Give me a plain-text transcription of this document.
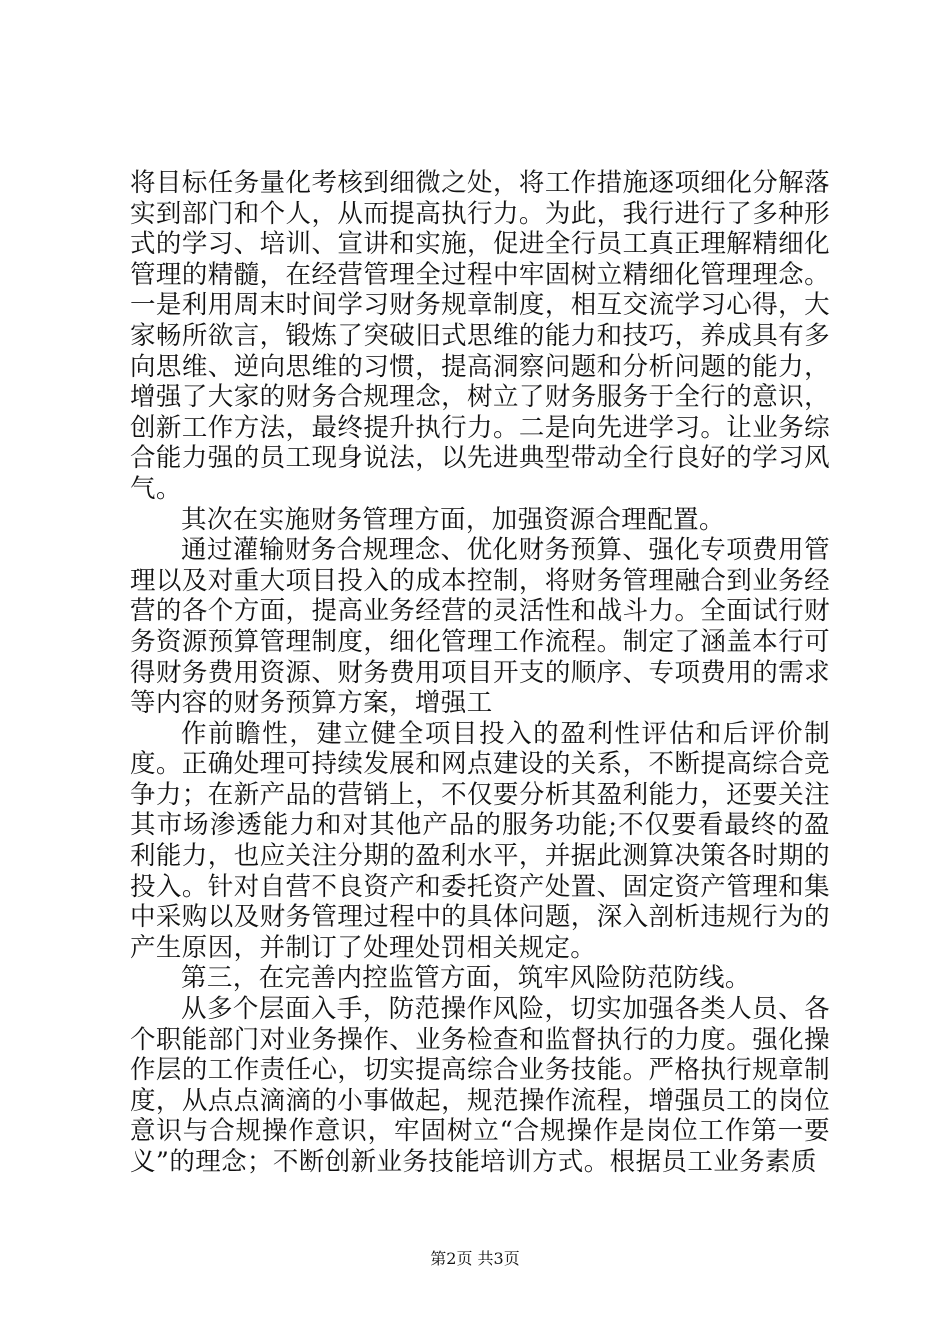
将目标任务量化考核到细微之处，将工作措施逐项细化分解落实到部门和个人，从而提高执行力。为此，我行进行了多种形式的学习、培训、宣讲和实施，促进全行员工真正理解精细化管理的精髓，在经营管理全过程中牢固树立精细化管理理念。一是利用周末时间学习财务规章制度，相互交流学习心得，大家畅所欲言，锻炼了突破旧式思维的能力和技巧，养成具有多向思维、逆向思维的习惯，提高洞察问题和分析问题的能力，增强了大家的财务合规理念，树立了财务服务于全行的意识，创新工作方法，最终提升执行力。二是向先进学习。让业务综合能力强的员工现身说法，以先进典型带动全行良好的学习风气。

其次在实施财务管理方面，加强资源合理配置。

通过灌输财务合规理念、优化财务预算、强化专项费用管理以及对重大项目投入的成本控制，将财务管理融合到业务经营的各个方面，提高业务经营的灵活性和战斗力。全面试行财务资源预算管理制度，细化管理工作流程。制定了涵盖本行可得财务费用资源、财务费用项目开支的顺序、专项费用的需求等内容的财务预算方案，增强工

作前瞻性，建立健全项目投入的盈利性评估和后评价制度。正确处理可持续发展和网点建设的关系，不断提高综合竞争力；在新产品的营销上，不仅要分析其盈利能力，还要关注其市场渗透能力和对其他产品的服务功能;不仅要看最终的盈利能力，也应关注分期的盈利水平，并据此测算决策各时期的投入。针对自营不良资产和委托资产处置、固定资产管理和集中采购以及财务管理过程中的具体问题，深入剖析违规行为的产生原因，并制订了处理处罚相关规定。

第三，在完善内控监管方面，筑牢风险防范防线。

从多个层面入手，防范操作风险，切实加强各类人员、各个职能部门对业务操作、业务检查和监督执行的力度。强化操作层的工作责任心，切实提高综合业务技能。严格执行规章制度，从点点滴滴的小事做起，规范操作流程，增强员工的岗位意识与合规操作意识，牢固树立“合规操作是岗位工作第一要义”的理念；不断创新业务技能培训方式。根据员工业务素质

第2页 共3页
